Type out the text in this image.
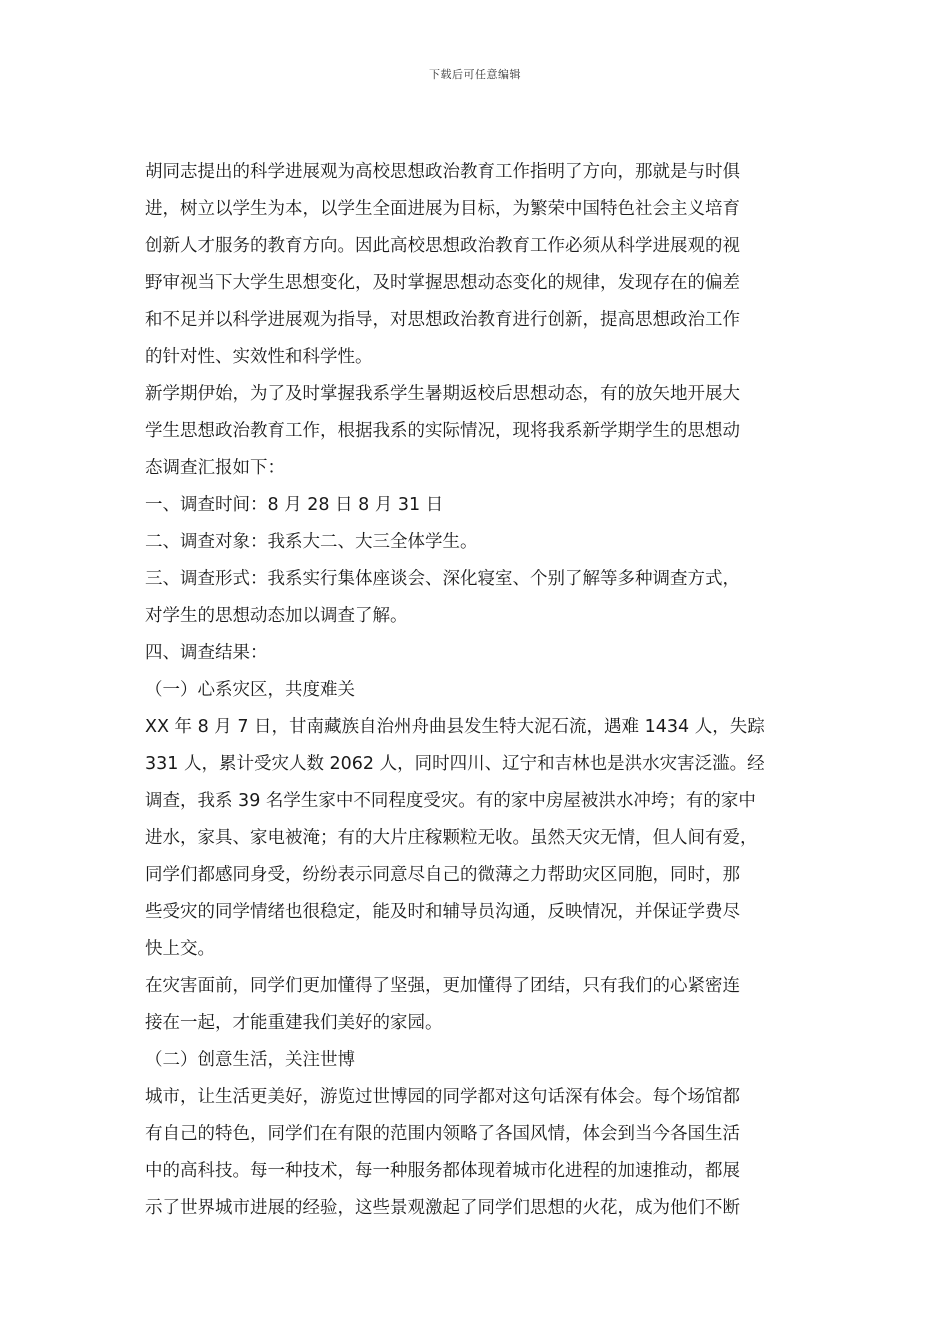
下载后可任意编辑
胡同志提出的科学进展观为高校思想政治教育工作指明了方向，那就是与时俱
进，树立以学生为本，以学生全面进展为目标，为繁荣中国特色社会主义培育
创新人才服务的教育方向。因此高校思想政治教育工作必须从科学进展观的视
野审视当下大学生思想变化，及时掌握思想动态变化的规律，发现存在的偏差
和不足并以科学进展观为指导，对思想政治教育进行创新，提高思想政治工作
的针对性、实效性和科学性。
新学期伊始，为了及时掌握我系学生暑期返校后思想动态，有的放矢地开展大
学生思想政治教育工作，根据我系的实际情况，现将我系新学期学生的思想动
态调查汇报如下：
一、调查时间：8 月 28 日 8 月 31 日
二、调查对象：我系大二、大三全体学生。
三、调查形式：我系实行集体座谈会、深化寝室、个别了解等多种调查方式，
对学生的思想动态加以调查了解。
四、调查结果：
（一）心系灾区，共度难关
XX 年 8 月 7 日，甘南藏族自治州舟曲县发生特大泥石流，遇难 1434 人，失踪
331 人，累计受灾人数 2062 人，同时四川、辽宁和吉林也是洪水灾害泛滥。经
调查，我系 39 名学生家中不同程度受灾。有的家中房屋被洪水冲垮；有的家中
进水，家具、家电被淹；有的大片庄稼颗粒无收。虽然天灾无情，但人间有爱，
同学们都感同身受，纷纷表示同意尽自己的微薄之力帮助灾区同胞，同时，那
些受灾的同学情绪也很稳定，能及时和辅导员沟通，反映情况，并保证学费尽
快上交。
在灾害面前，同学们更加懂得了坚强，更加懂得了团结，只有我们的心紧密连
接在一起，才能重建我们美好的家园。
（二）创意生活，关注世博
城市，让生活更美好，游览过世博园的同学都对这句话深有体会。每个场馆都
有自己的特色，同学们在有限的范围内领略了各国风情，体会到当今各国生活
中的高科技。每一种技术，每一种服务都体现着城市化进程的加速推动，都展
示了世界城市进展的经验，这些景观激起了同学们思想的火花，成为他们不断
